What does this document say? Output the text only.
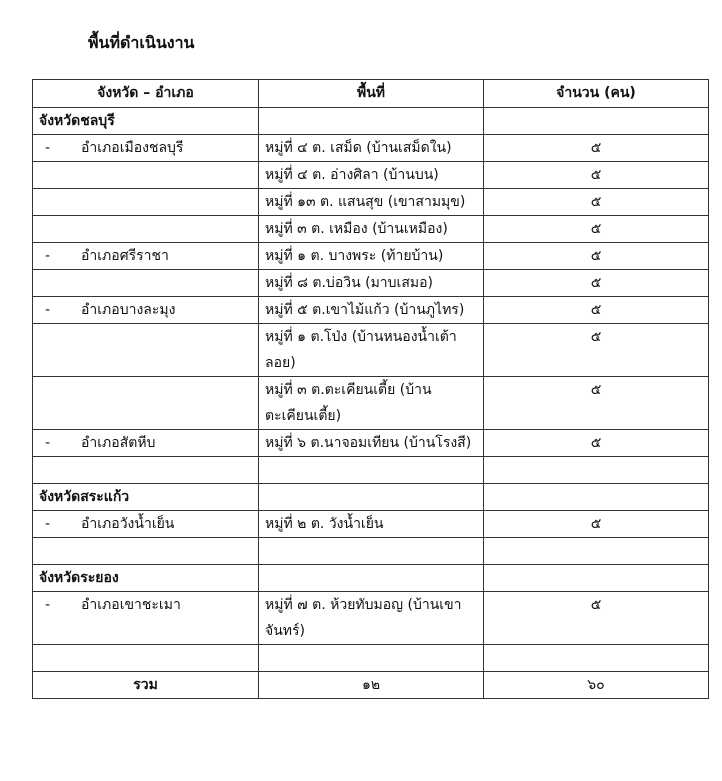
พื้นที่ดำเนินงาน
จังหวัด – อำเภอ	พื้นที่	จำนวน (คน)
จังหวัดชลบุรี		
- อำเภอเมืองชลบุรี	หมู่ที่ ๔ ต. เสม็ด (บ้านเสม็ดใน)	๕
	หมู่ที่ ๔ ต. อ่างศิลา (บ้านบน)	๕
	หมู่ที่ ๑๓ ต. แสนสุข (เขาสามมุข)	๕
	หมู่ที่ ๓ ต. เหมือง (บ้านเหมือง)	๕
- อำเภอศรีราชา	หมู่ที่ ๑ ต. บางพระ (ท้ายบ้าน)	๕
	หมู่ที่ ๘ ต.บ่อวิน (มาบเสมอ)	๕
- อำเภอบางละมุง	หมู่ที่ ๕ ต.เขาไม้แก้ว (บ้านภูไทร)	๕
	หมู่ที่ ๑ ต.โป่ง (บ้านหนองน้ำเต้าลอย)	๕
	หมู่ที่ ๓ ต.ตะเคียนเตี้ย (บ้านตะเคียนเตี้ย)	๕
- อำเภอสัตหีบ	หมู่ที่ ๖ ต.นาจอมเทียน (บ้านโรงสี)	๕

จังหวัดสระแก้ว		
- อำเภอวังน้ำเย็น	หมู่ที่ ๒ ต. วังน้ำเย็น	๕

จังหวัดระยอง		
- อำเภอเขาชะเมา	หมู่ที่ ๗ ต. ห้วยทับมอญ (บ้านเขาจันทร์)	๕

รวม	๑๒	๖๐
